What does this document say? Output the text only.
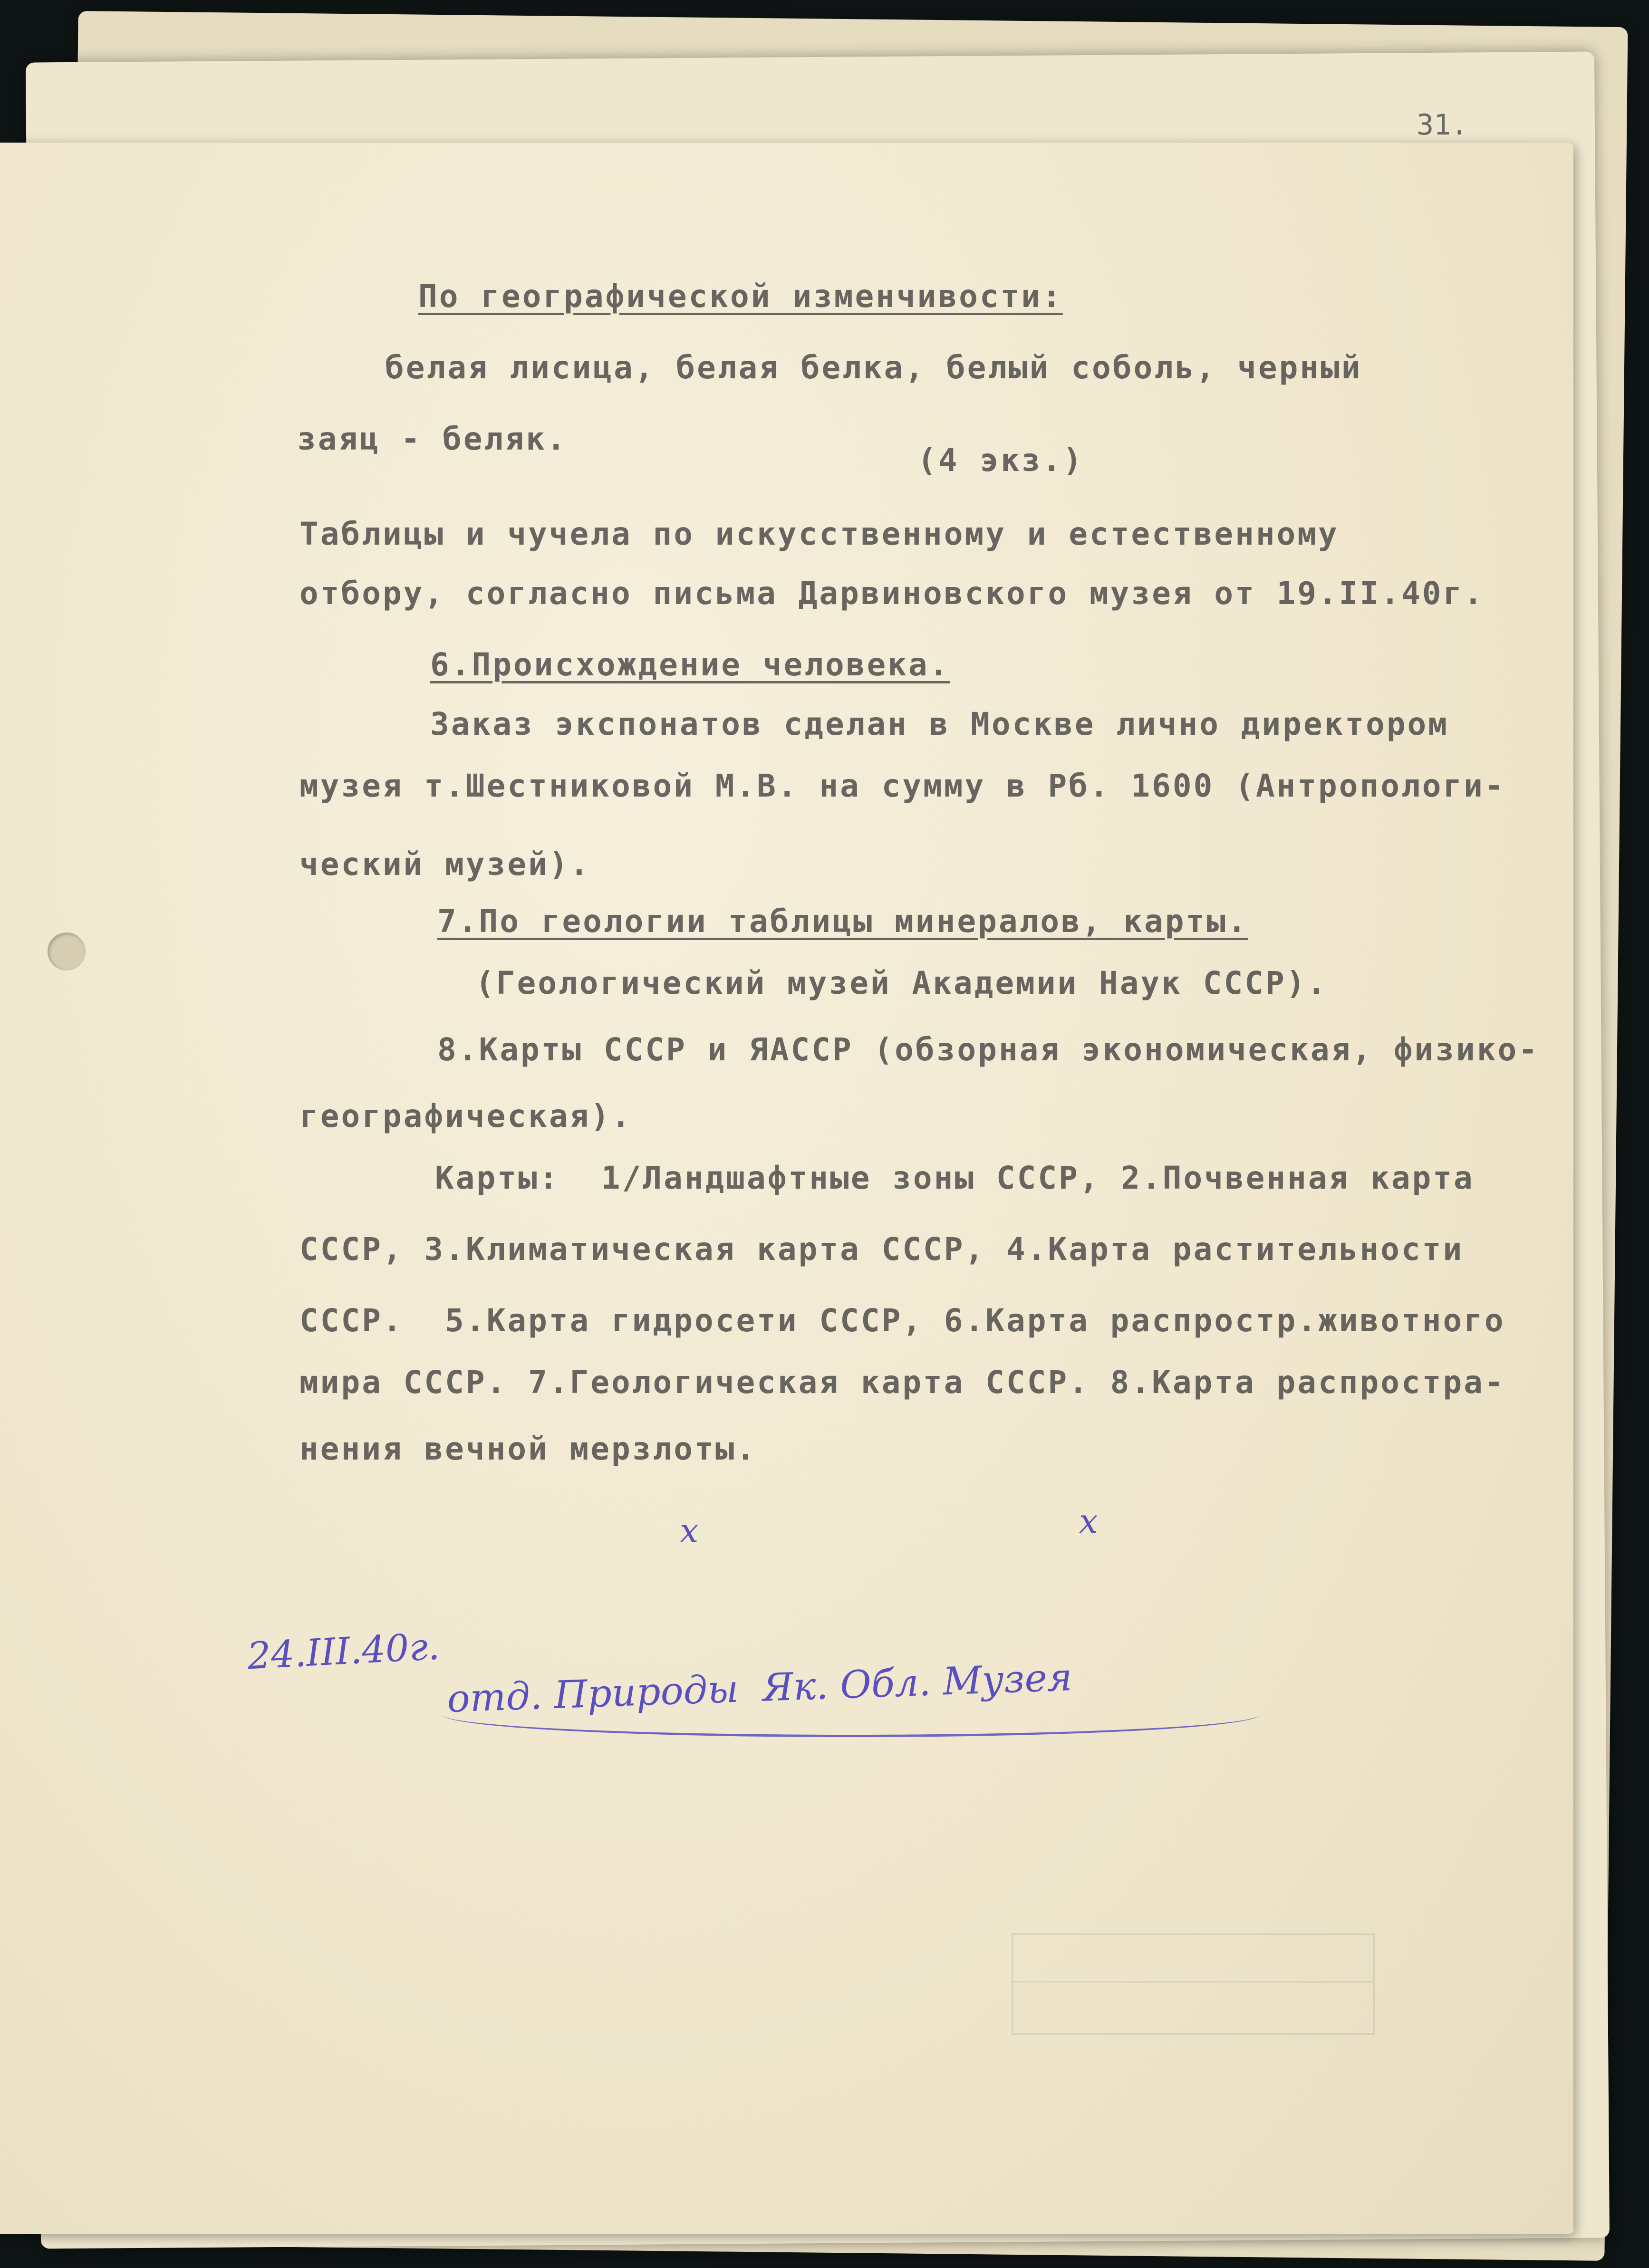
31.
По географической изменчивости:
белая лисица, белая белка, белый соболь, черный
заяц - беляк.
(4 экз.)
Таблицы и чучела по искусственному и естественному
отбору, согласно письма Дарвиновского музея от 19.II.40г.
6.Происхождение человека.
Заказ экспонатов сделан в Москве лично директором
музея т.Шестниковой М.В. на сумму в Рб. 1600 (Антропологи-
ческий музей).
7.По геологии таблицы минералов, карты.
(Геологический музей Академии Наук СССР).
8.Карты СССР и ЯАССР (обзорная экономическая, физико-
географическая).
Карты:  1/Ландшафтные зоны СССР, 2.Почвенная карта
СССР, 3.Климатическая карта СССР, 4.Карта растительности
СССР.  5.Карта гидросети СССР, 6.Карта распростр.животного
мира СССР. 7.Геологическая карта СССР. 8.Карта распростра-
нения вечной мерзлоты.
x	x
24.III.40г.
отд. Природы  Як. Обл. Музея
